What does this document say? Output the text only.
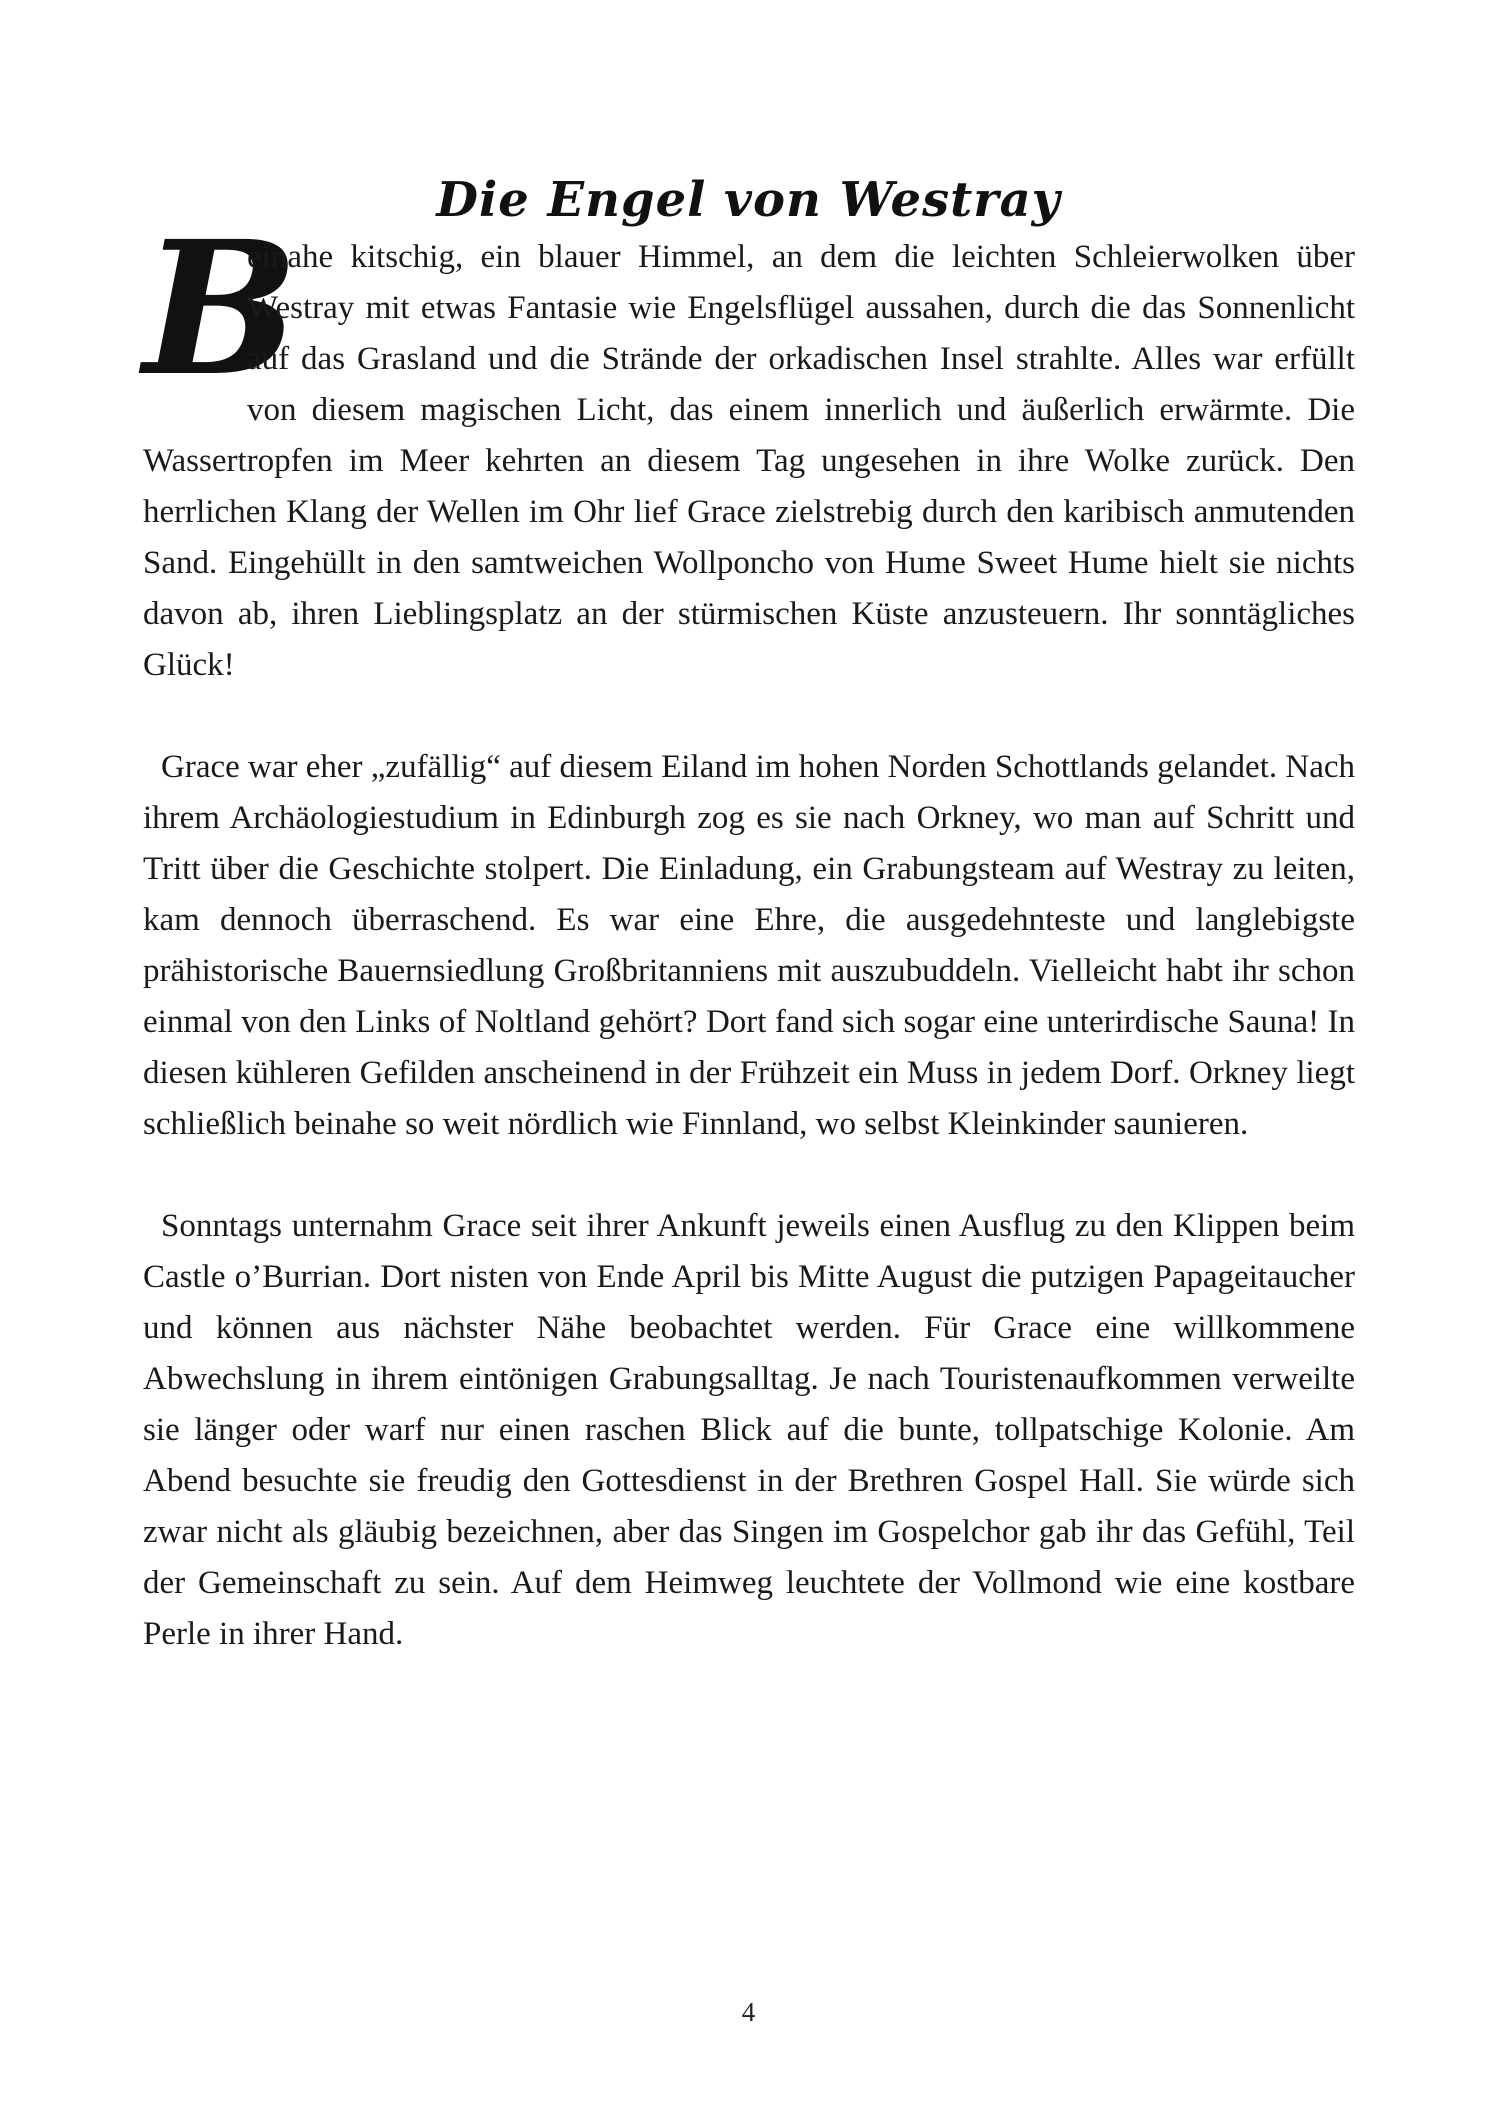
Die Engel von Westray

B
einahe kitschig, ein blauer Himmel, an dem die leichten Schleierwolken über Westray mit etwas Fantasie wie Engelsflügel aussahen, durch die das Sonnenlicht auf das Grasland und die Strände der orkadischen Insel strahlte. Alles war erfüllt von diesem magischen Licht, das einem innerlich und äußerlich erwärmte. Die Wassertropfen im Meer kehrten an diesem Tag ungesehen in ihre Wolke zurück. Den herrlichen Klang der Wellen im Ohr lief Grace zielstrebig durch den karibisch anmutenden Sand. Eingehüllt in den samtweichen Wollponcho von Hume Sweet Hume hielt sie nichts davon ab, ihren Lieblingsplatz an der stürmischen Küste anzusteuern. Ihr sonntägliches Glück!

Grace war eher „zufällig“ auf diesem Eiland im hohen Norden Schottlands gelandet. Nach ihrem Archäologiestudium in Edinburgh zog es sie nach Orkney, wo man auf Schritt und Tritt über die Geschichte stolpert. Die Einladung, ein Grabungsteam auf Westray zu leiten, kam dennoch überraschend. Es war eine Ehre, die ausgedehnteste und langlebigste prähistorische Bauernsiedlung Großbritanniens mit auszubuddeln. Vielleicht habt ihr schon einmal von den Links of Noltland gehört? Dort fand sich sogar eine unterirdische Sauna! In diesen kühleren Gefilden anscheinend in der Frühzeit ein Muss in jedem Dorf. Orkney liegt schließlich beinahe so weit nördlich wie Finnland, wo selbst Kleinkinder saunieren.

Sonntags unternahm Grace seit ihrer Ankunft jeweils einen Ausflug zu den Klippen beim Castle o’Burrian. Dort nisten von Ende April bis Mitte August die putzigen Papageitaucher und können aus nächster Nähe beobachtet werden. Für Grace eine willkommene Abwechslung in ihrem eintönigen Grabungsalltag. Je nach Touristenaufkommen verweilte sie länger oder warf nur einen raschen Blick auf die bunte, tollpatschige Kolonie. Am Abend besuchte sie freudig den Gottesdienst in der Brethren Gospel Hall. Sie würde sich zwar nicht als gläubig bezeichnen, aber das Singen im Gospelchor gab ihr das Gefühl, Teil der Gemeinschaft zu sein. Auf dem Heimweg leuchtete der Vollmond wie eine kostbare Perle in ihrer Hand.

4
